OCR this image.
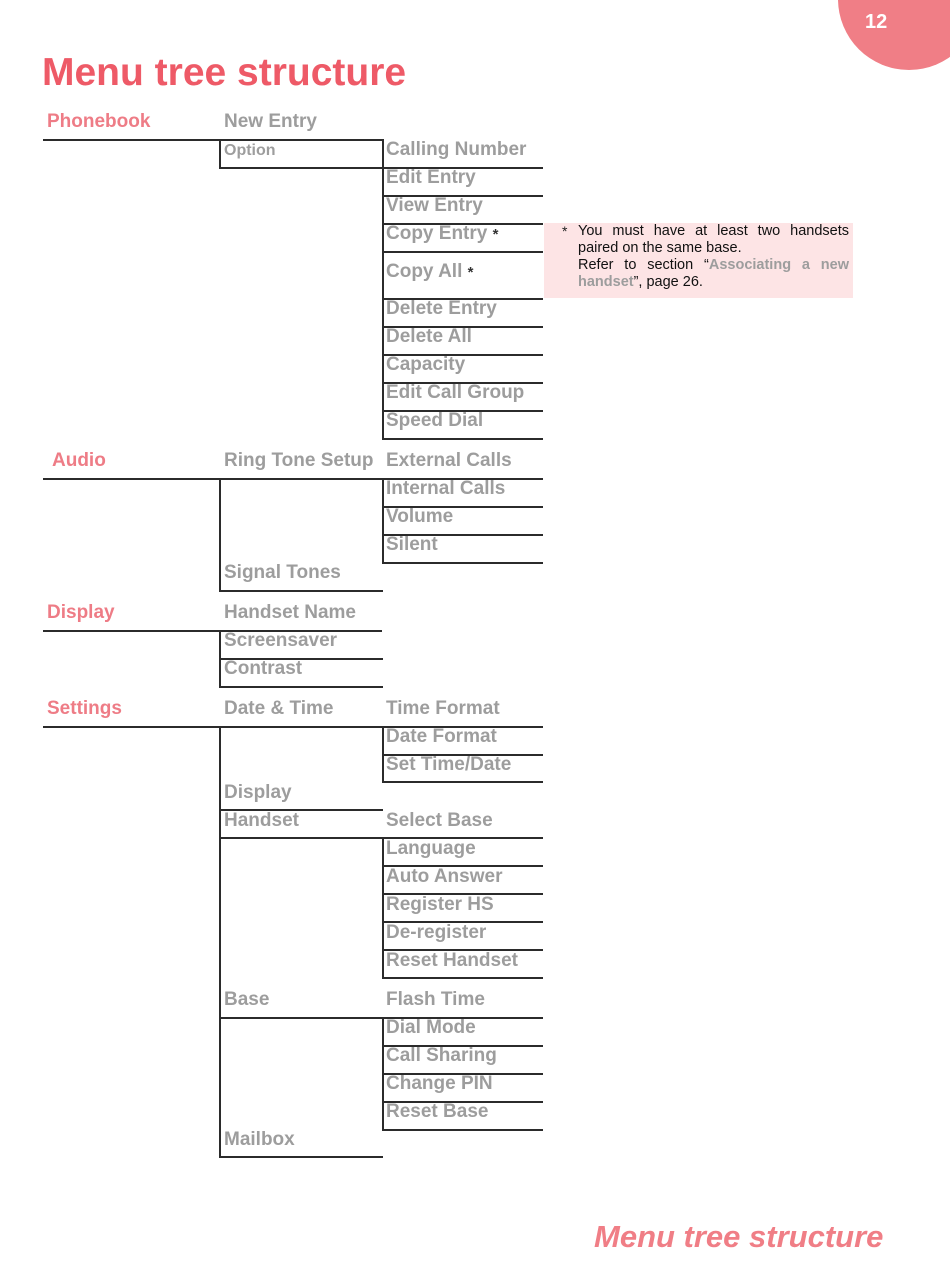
12
Menu tree structure
Phonebook	New Entry
Option	Calling Number
Edit Entry
View Entry
Copy Entry *
Copy All *
Delete Entry
Delete All
Capacity
Edit Call Group
Speed Dial
* You must have at least two handsets paired on the same base.
Refer to section “Associating a new handset”, page 26.
Audio	Ring Tone Setup External Calls
Internal Calls
Volume
Silent
Signal Tones
Display	Handset Name
Screensaver
Contrast
Settings	Date & Time	Time Format
Date Format
Set Time/Date
Display
Handset	Select Base
Language
Auto Answer
Register HS
De-register
Reset Handset
Base	Flash Time
Dial Mode
Call Sharing
Change PIN
Reset Base
Mailbox
Menu tree structure
